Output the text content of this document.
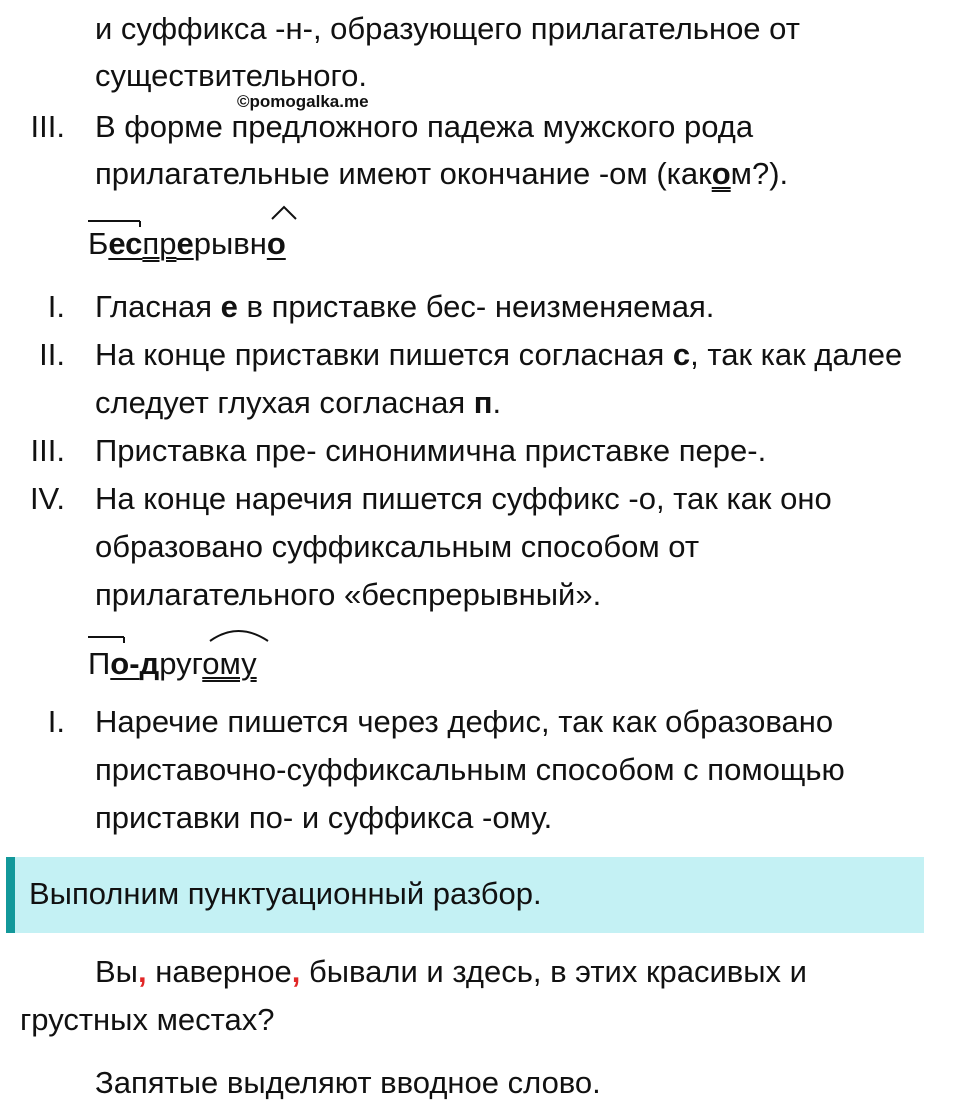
©pomogalka.me
и суффикса -н-, образующего прилагательное от
существительного.
III. В форме предложного падежа мужского рода
прилагательные имеют окончание -ом (каком?).
Беспрерывно
I. Гласная е в приставке бес- неизменяемая.
II. На конце приставки пишется согласная с, так как далее
следует глухая согласная п.
III. Приставка пре- синонимична приставке пере-.
IV. На конце наречия пишется суффикс -о, так как оно
образовано суффиксальным способом от
прилагательного «беспрерывный».
По-другому
I. Наречие пишется через дефис, так как образовано
приставочно-суффиксальным способом с помощью
приставки по- и суффикса -ому.
Выполним пунктуационный разбор.
Вы, наверное, бывали и здесь, в этих красивых и
грустных местах?
Запятые выделяют вводное слово.
